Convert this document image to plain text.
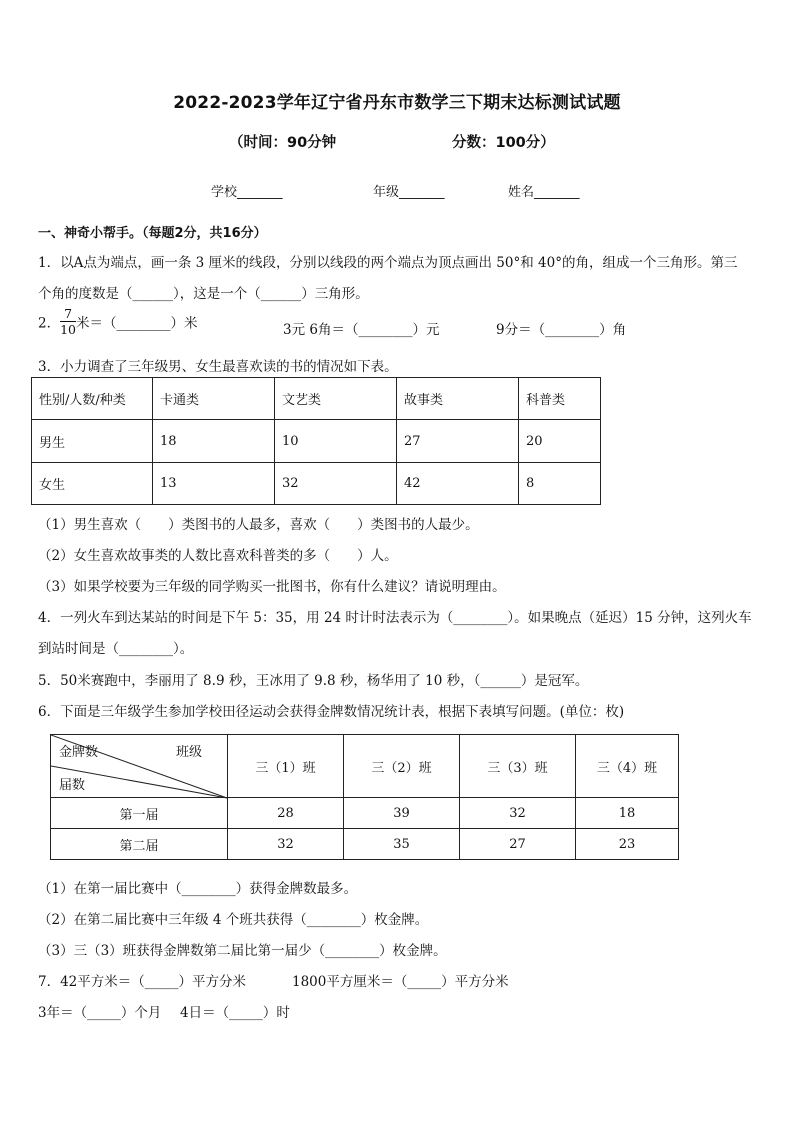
2022-2023学年辽宁省丹东市数学三下期末达标测试试题
（时间：90分钟	分数：100分）
学校_______	年级_______	姓名_______
一、神奇小帮手。（每题2分，共16分）
1．以A点为端点，画一条 3 厘米的线段，分别以线段的两个端点为顶点画出 50°和 40°的角，组成一个三角形。第三
个角的度数是（______），这是一个（______）三角形。
2． $\frac{7}{10}$ 米＝（________）米	3元 6角＝（________）元	9分＝（________）角
3．小力调查了三年级男、女生最喜欢读的书的情况如下表。
性别/人数/种类	卡通类	文艺类	故事类	科普类
男生	18	10	27	20
女生	13	32	42	8
（1）男生喜欢（　　）类图书的人最多，喜欢（　　）类图书的人最少。
（2）女生喜欢故事类的人数比喜欢科普类的多（　　）人。
（3）如果学校要为三年级的同学购买一批图书，你有什么建议？请说明理由。
4．一列火车到达某站的时间是下午 5：35，用 24 时计时法表示为（________）。如果晚点（延迟）15 分钟，这列火车
到站时间是（________）。
5．50米赛跑中，李丽用了 8.9 秒，王冰用了 9.8 秒，杨华用了 10 秒，（______）是冠军。
6．下面是三年级学生参加学校田径运动会获得金牌数情况统计表，根据下表填写问题。(单位：枚)
金牌数 班级
届数	三（1）班	三（2）班	三（3）班	三（4）班
第一届	28	39	32	18
第二届	32	35	27	23
（1）在第一届比赛中（________）获得金牌数最多。
（2）在第二届比赛中三年级 4 个班共获得（________）枚金牌。
（3）三（3）班获得金牌数第二届比第一届少（________）枚金牌。
7．42平方米＝（_____）平方分米	1800平方厘米＝（_____）平方分米
3年＝（_____）个月 4日＝（_____）时
